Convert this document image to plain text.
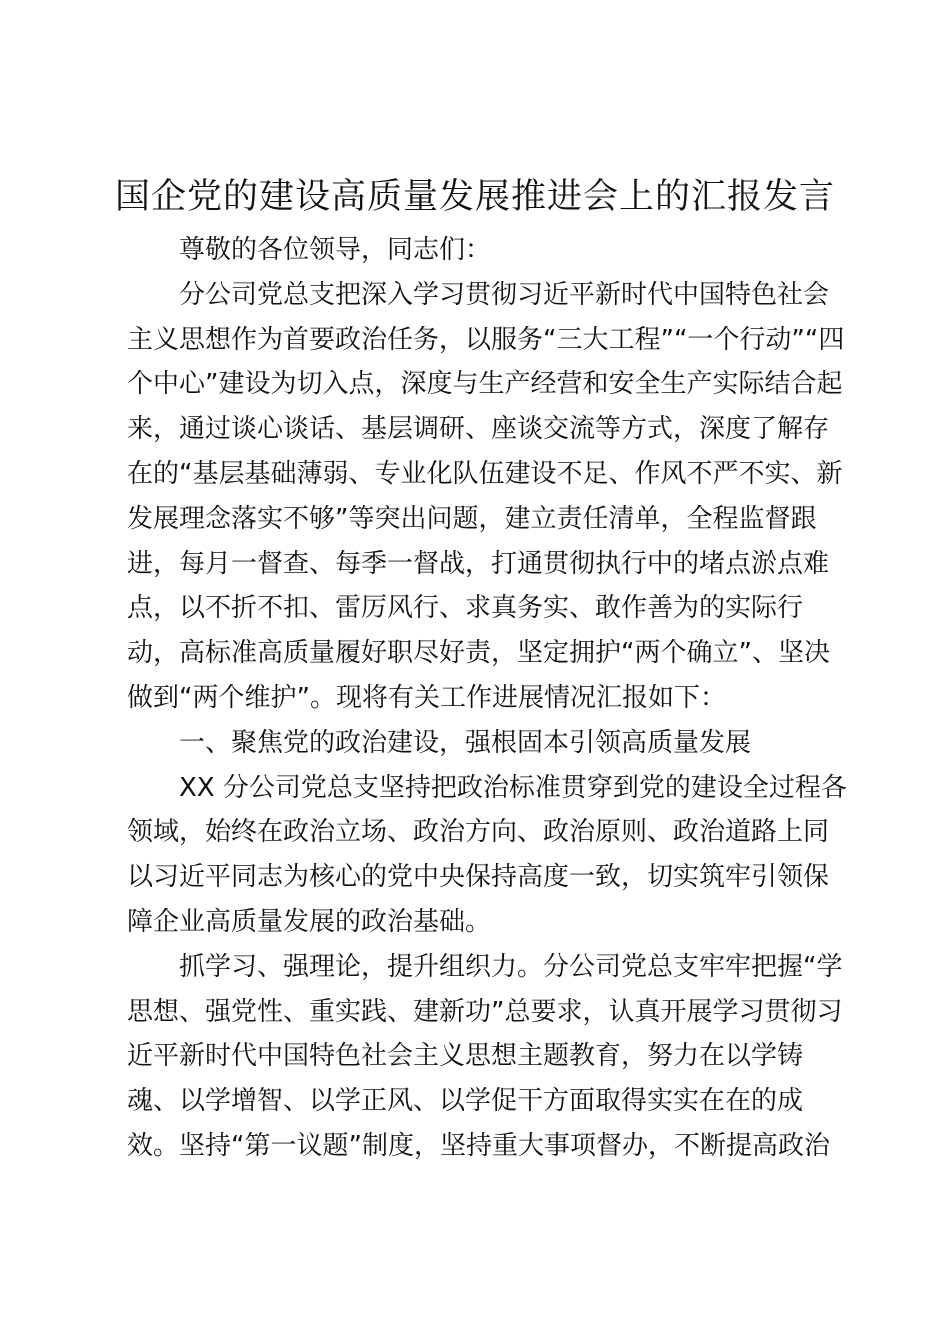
国企党的建设高质量发展推进会上的汇报发言
尊敬的各位领导，同志们：
分公司党总支把深入学习贯彻习近平新时代中国特色社会
主义思想作为首要政治任务，以服务“三大工程”“一个行动”“四
个中心”建设为切入点，深度与生产经营和安全生产实际结合起
来，通过谈心谈话、基层调研、座谈交流等方式，深度了解存
在的“基层基础薄弱、专业化队伍建设不足、作风不严不实、新
发展理念落实不够”等突出问题，建立责任清单，全程监督跟
进，每月一督查、每季一督战，打通贯彻执行中的堵点淤点难
点，以不折不扣、雷厉风行、求真务实、敢作善为的实际行
动，高标准高质量履好职尽好责，坚定拥护“两个确立”、坚决
做到“两个维护”。现将有关工作进展情况汇报如下：
一、聚焦党的政治建设，强根固本引领高质量发展
XX 分公司党总支坚持把政治标准贯穿到党的建设全过程各
领域，始终在政治立场、政治方向、政治原则、政治道路上同
以习近平同志为核心的党中央保持高度一致，切实筑牢引领保
障企业高质量发展的政治基础。
抓学习、强理论，提升组织力。分公司党总支牢牢把握“学
思想、强党性、重实践、建新功”总要求，认真开展学习贯彻习
近平新时代中国特色社会主义思想主题教育，努力在以学铸
魂、以学增智、以学正风、以学促干方面取得实实在在的成
效。坚持“第一议题”制度，坚持重大事项督办，不断提高政治
